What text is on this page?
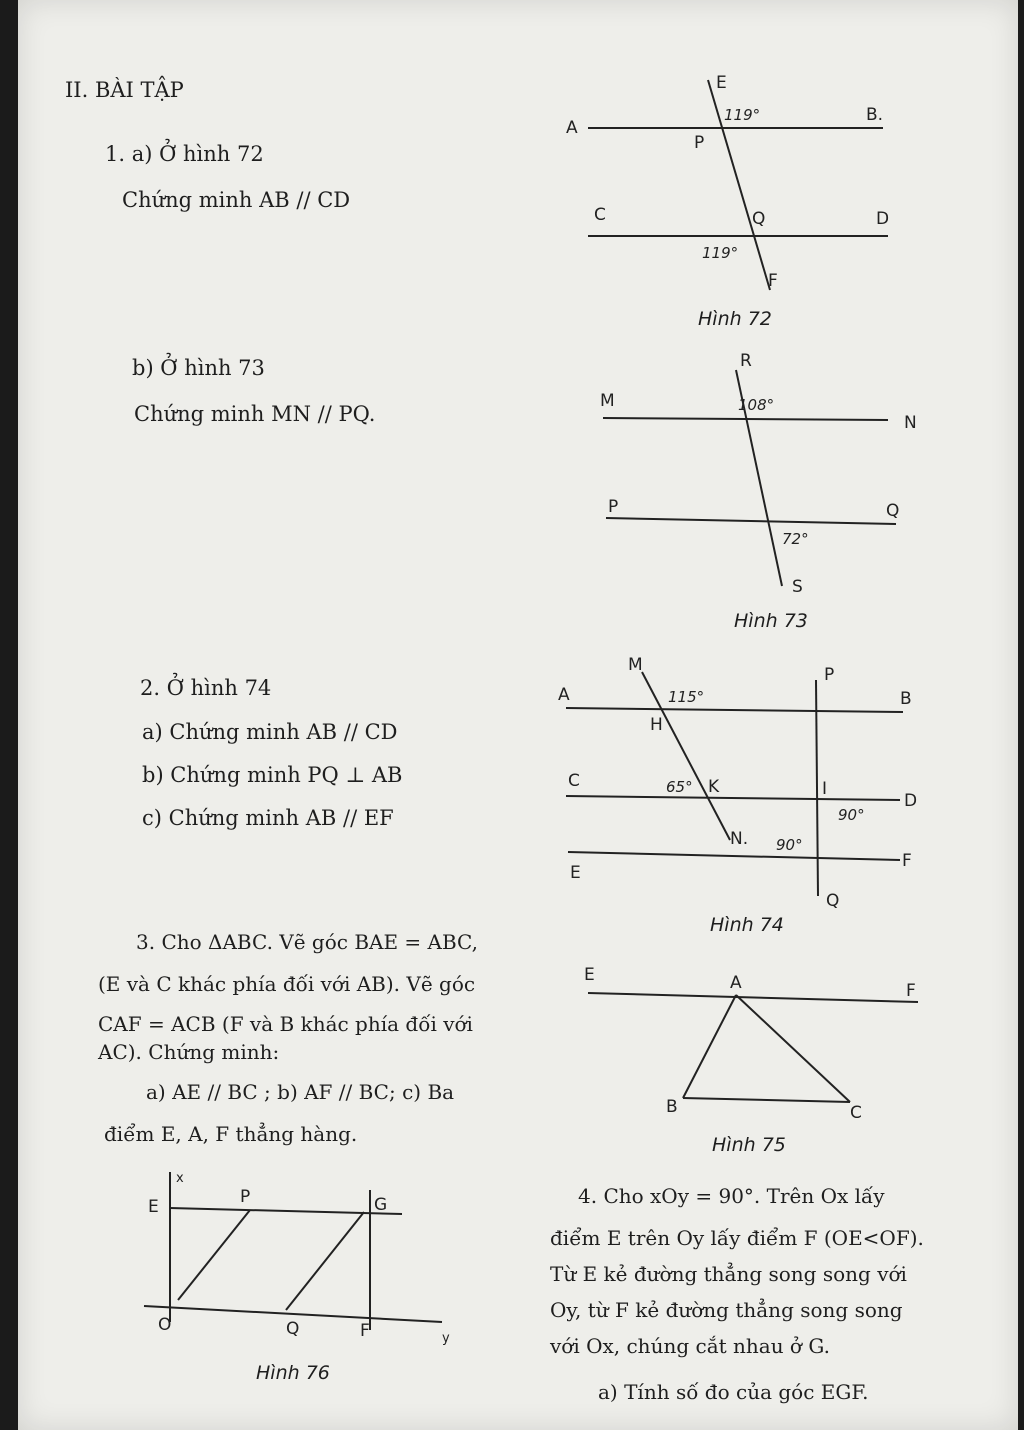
II. BÀI TẬP
1. a) Ở hình 72
Chứng minh AB // CD
b) Ở hình 73
Chứng minh MN // PQ.
2. Ở hình 74
a) Chứng minh AB // CD
b) Chứng minh PQ ⊥ AB
c) Chứng minh AB // EF
3. Cho ΔABC. Vẽ góc BAE = ABC,
(E và C khác phía đối với AB). Vẽ góc
CAF = ACB (F và B khác phía đối với
AC). Chứng minh:
a) AE // BC ; b) AF // BC; c) Ba
điểm E, A, F thẳng hàng.
4. Cho xOy = 90°. Trên Ox lấy
điểm E trên Oy lấy điểm F (OE<OF).
Từ E kẻ đường thẳng song song với
Oy, từ F kẻ đường thẳng song song
với Ox, chúng cắt nhau ở G.
a) Tính số đo của góc EGF.
Hình 72
Hình 73
Hình 74
Hình 75
Hình 76
E
A
B.
P
C	D
Q
F
119°
119°
R
M
N
P	Q
S
108°
72°
M	P
A	B
H
C	K
D
I
N.
E
F
Q
115°
65°
90°
90°
E	A	F
B	C
x
E	P	G
O	Q	F	y
